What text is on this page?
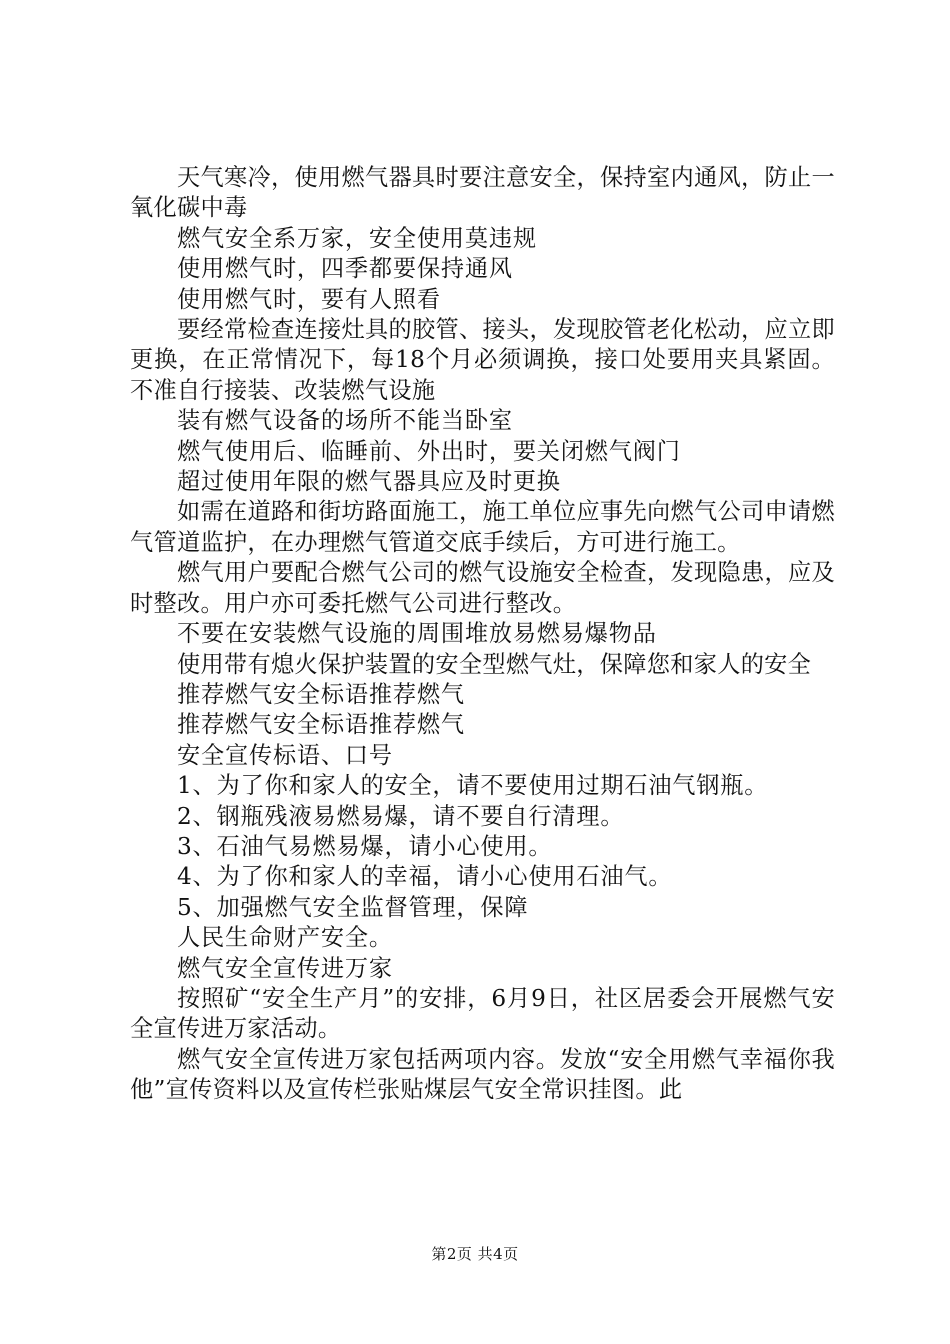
天气寒冷，使用燃气器具时要注意安全，保持室内通风，防止一氧化碳中毒

燃气安全系万家，安全使用莫违规

使用燃气时，四季都要保持通风

使用燃气时，要有人照看

要经常检查连接灶具的胶管、接头，发现胶管老化松动，应立即更换，在正常情况下，每18个月必须调换，接口处要用夹具紧固。不准自行接装、改装燃气设施

装有燃气设备的场所不能当卧室

燃气使用后、临睡前、外出时，要关闭燃气阀门

超过使用年限的燃气器具应及时更换

如需在道路和街坊路面施工，施工单位应事先向燃气公司申请燃气管道监护，在办理燃气管道交底手续后，方可进行施工。

燃气用户要配合燃气公司的燃气设施安全检查，发现隐患，应及时整改。用户亦可委托燃气公司进行整改。

不要在安装燃气设施的周围堆放易燃易爆物品

使用带有熄火保护装置的安全型燃气灶，保障您和家人的安全

推荐燃气安全标语推荐燃气

推荐燃气安全标语推荐燃气

安全宣传标语、口号

1、为了你和家人的安全，请不要使用过期石油气钢瓶。

2、钢瓶残液易燃易爆，请不要自行清理。

3、石油气易燃易爆，请小心使用。

4、为了你和家人的幸福，请小心使用石油气。

5、加强燃气安全监督管理，保障

人民生命财产安全。

燃气安全宣传进万家

按照矿“安全生产月”的安排，6月9日，社区居委会开展燃气安全宣传进万家活动。

燃气安全宣传进万家包括两项内容。发放“安全用燃气幸福你我他”宣传资料以及宣传栏张贴煤层气安全常识挂图。此

第2页 共4页
